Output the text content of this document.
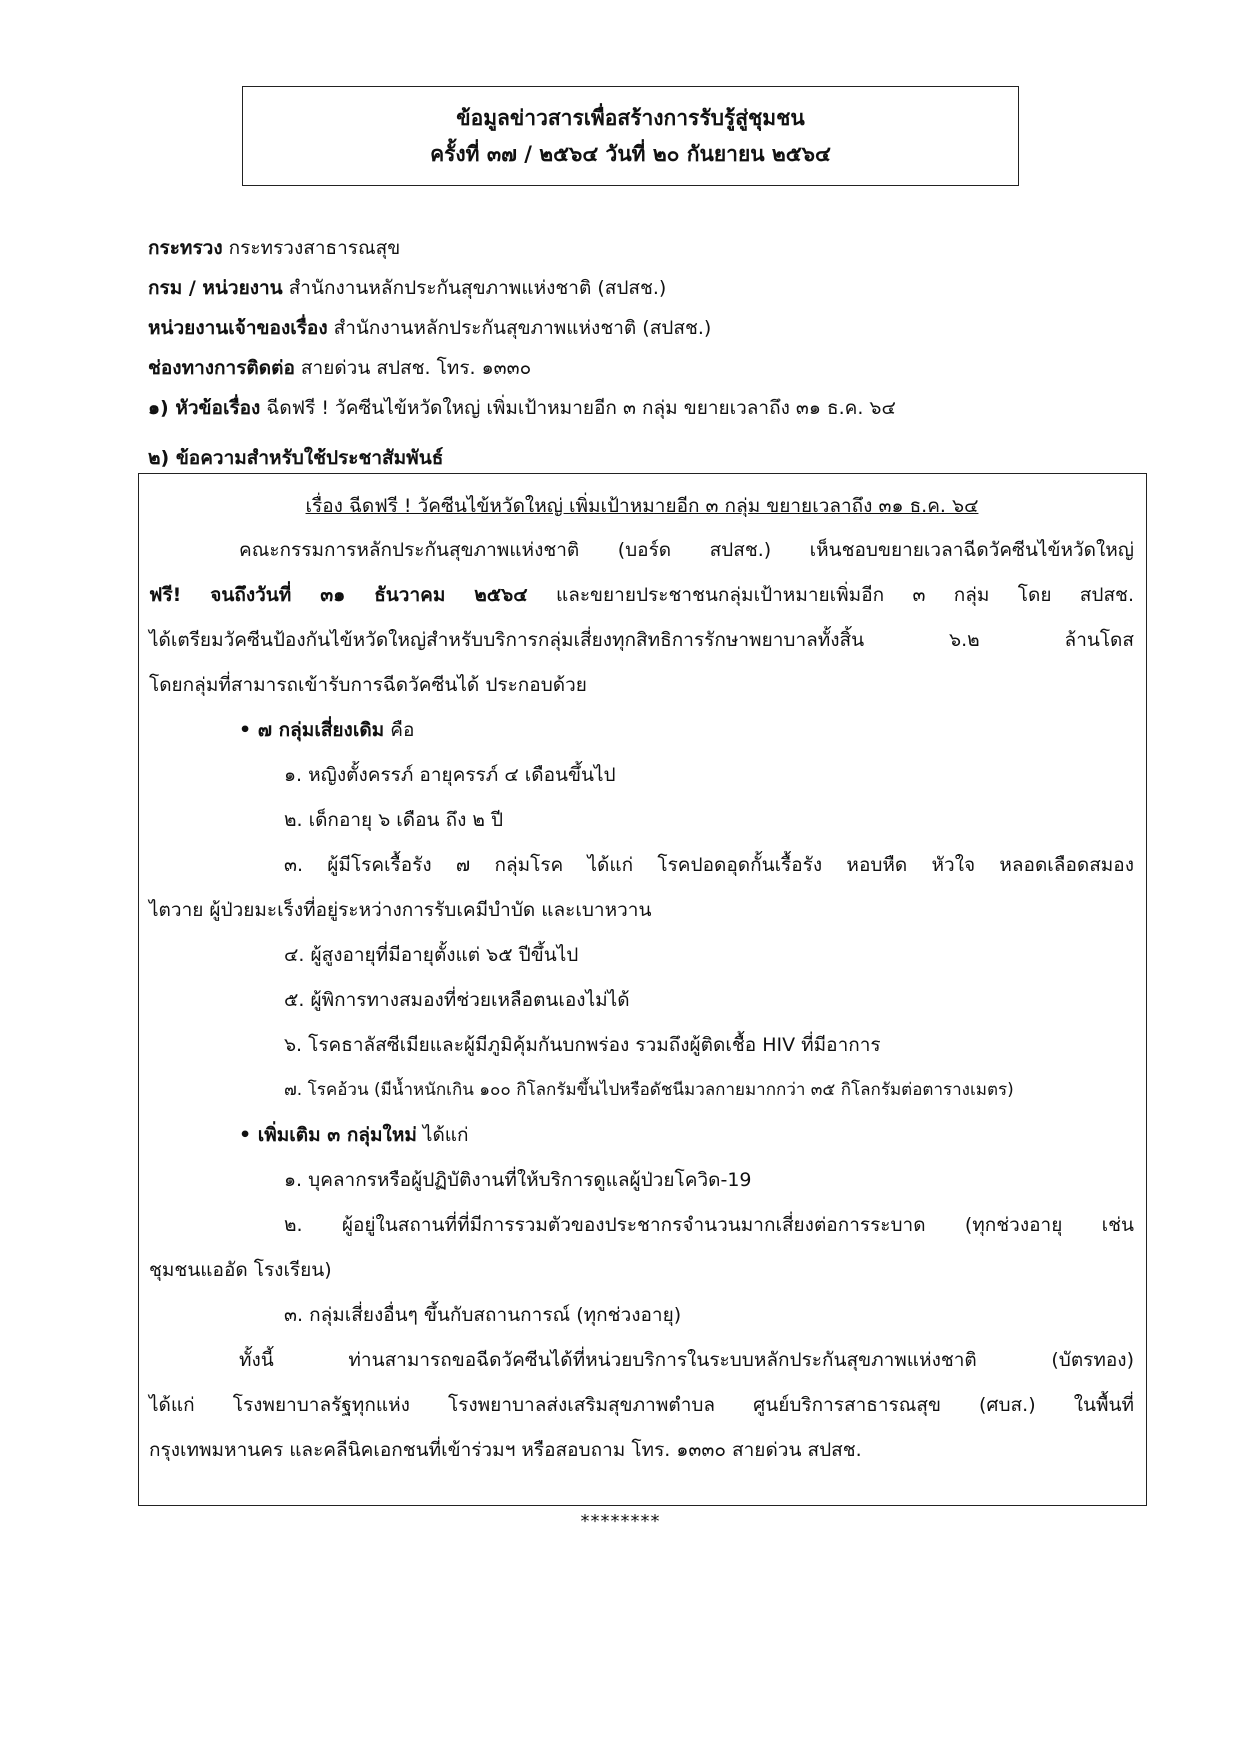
ข้อมูลข่าวสารเพื่อสร้างการรับรู้สู่ชุมชน
ครั้งที่ ๓๗ / ๒๕๖๔ วันที่ ๒๐ กันยายน ๒๕๖๔
กระทรวง กระทรวงสาธารณสุข
กรม / หน่วยงาน สำนักงานหลักประกันสุขภาพแห่งชาติ (สปสช.)
หน่วยงานเจ้าของเรื่อง สำนักงานหลักประกันสุขภาพแห่งชาติ (สปสช.)
ช่องทางการติดต่อ สายด่วน สปสช. โทร. ๑๓๓๐
๑) หัวข้อเรื่อง ฉีดฟรี ! วัคซีนไข้หวัดใหญ่ เพิ่มเป้าหมายอีก ๓ กลุ่ม ขยายเวลาถึง ๓๑ ธ.ค. ๖๔
๒) ข้อความสำหรับใช้ประชาสัมพันธ์
เรื่อง ฉีดฟรี ! วัคซีนไข้หวัดใหญ่ เพิ่มเป้าหมายอีก ๓ กลุ่ม ขยายเวลาถึง ๓๑ ธ.ค. ๖๔
คณะกรรมการหลักประกันสุขภาพแห่งชาติ (บอร์ด สปสช.) เห็นชอบขยายเวลาฉีดวัคซีนไข้หวัดใหญ่
ฟรี! จนถึงวันที่ ๓๑ ธันวาคม ๒๕๖๔ และขยายประชาชนกลุ่มเป้าหมายเพิ่มอีก ๓ กลุ่ม โดย สปสช.
ได้เตรียมวัคซีนป้องกันไข้หวัดใหญ่สำหรับบริการกลุ่มเสี่ยงทุกสิทธิการรักษาพยาบาลทั้งสิ้น ๖.๒ ล้านโดส
โดยกลุ่มที่สามารถเข้ารับการฉีดวัคซีนได้ ประกอบด้วย
• ๗ กลุ่มเสี่ยงเดิม คือ
๑. หญิงตั้งครรภ์ อายุครรภ์ ๔ เดือนขึ้นไป
๒. เด็กอายุ ๖ เดือน ถึง ๒ ปี
๓. ผู้มีโรคเรื้อรัง ๗ กลุ่มโรค ได้แก่ โรคปอดอุดกั้นเรื้อรัง หอบหืด หัวใจ หลอดเลือดสมอง
ไตวาย ผู้ป่วยมะเร็งที่อยู่ระหว่างการรับเคมีบำบัด และเบาหวาน
๔. ผู้สูงอายุที่มีอายุตั้งแต่ ๖๕ ปีขึ้นไป
๕. ผู้พิการทางสมองที่ช่วยเหลือตนเองไม่ได้
๖. โรคธาลัสซีเมียและผู้มีภูมิคุ้มกันบกพร่อง รวมถึงผู้ติดเชื้อ HIV ที่มีอาการ
๗. โรคอ้วน (มีน้ำหนักเกิน ๑๐๐ กิโลกรัมขึ้นไปหรือดัชนีมวลกายมากกว่า ๓๕ กิโลกรัมต่อตารางเมตร)
• เพิ่มเติม ๓ กลุ่มใหม่ ได้แก่
๑. บุคลากรหรือผู้ปฏิบัติงานที่ให้บริการดูแลผู้ป่วยโควิด-19
๒. ผู้อยู่ในสถานที่ที่มีการรวมตัวของประชากรจำนวนมากเสี่ยงต่อการระบาด (ทุกช่วงอายุ เช่น
ชุมชนแออัด โรงเรียน)
๓. กลุ่มเสี่ยงอื่นๆ ขึ้นกับสถานการณ์ (ทุกช่วงอายุ)
ทั้งนี้ ท่านสามารถขอฉีดวัคซีนได้ที่หน่วยบริการในระบบหลักประกันสุขภาพแห่งชาติ (บัตรทอง)
ได้แก่ โรงพยาบาลรัฐทุกแห่ง โรงพยาบาลส่งเสริมสุขภาพตำบล ศูนย์บริการสาธารณสุข (ศบส.) ในพื้นที่
กรุงเทพมหานคร และคลีนิคเอกชนที่เข้าร่วมฯ หรือสอบถาม โทร. ๑๓๓๐ สายด่วน สปสช.
********
